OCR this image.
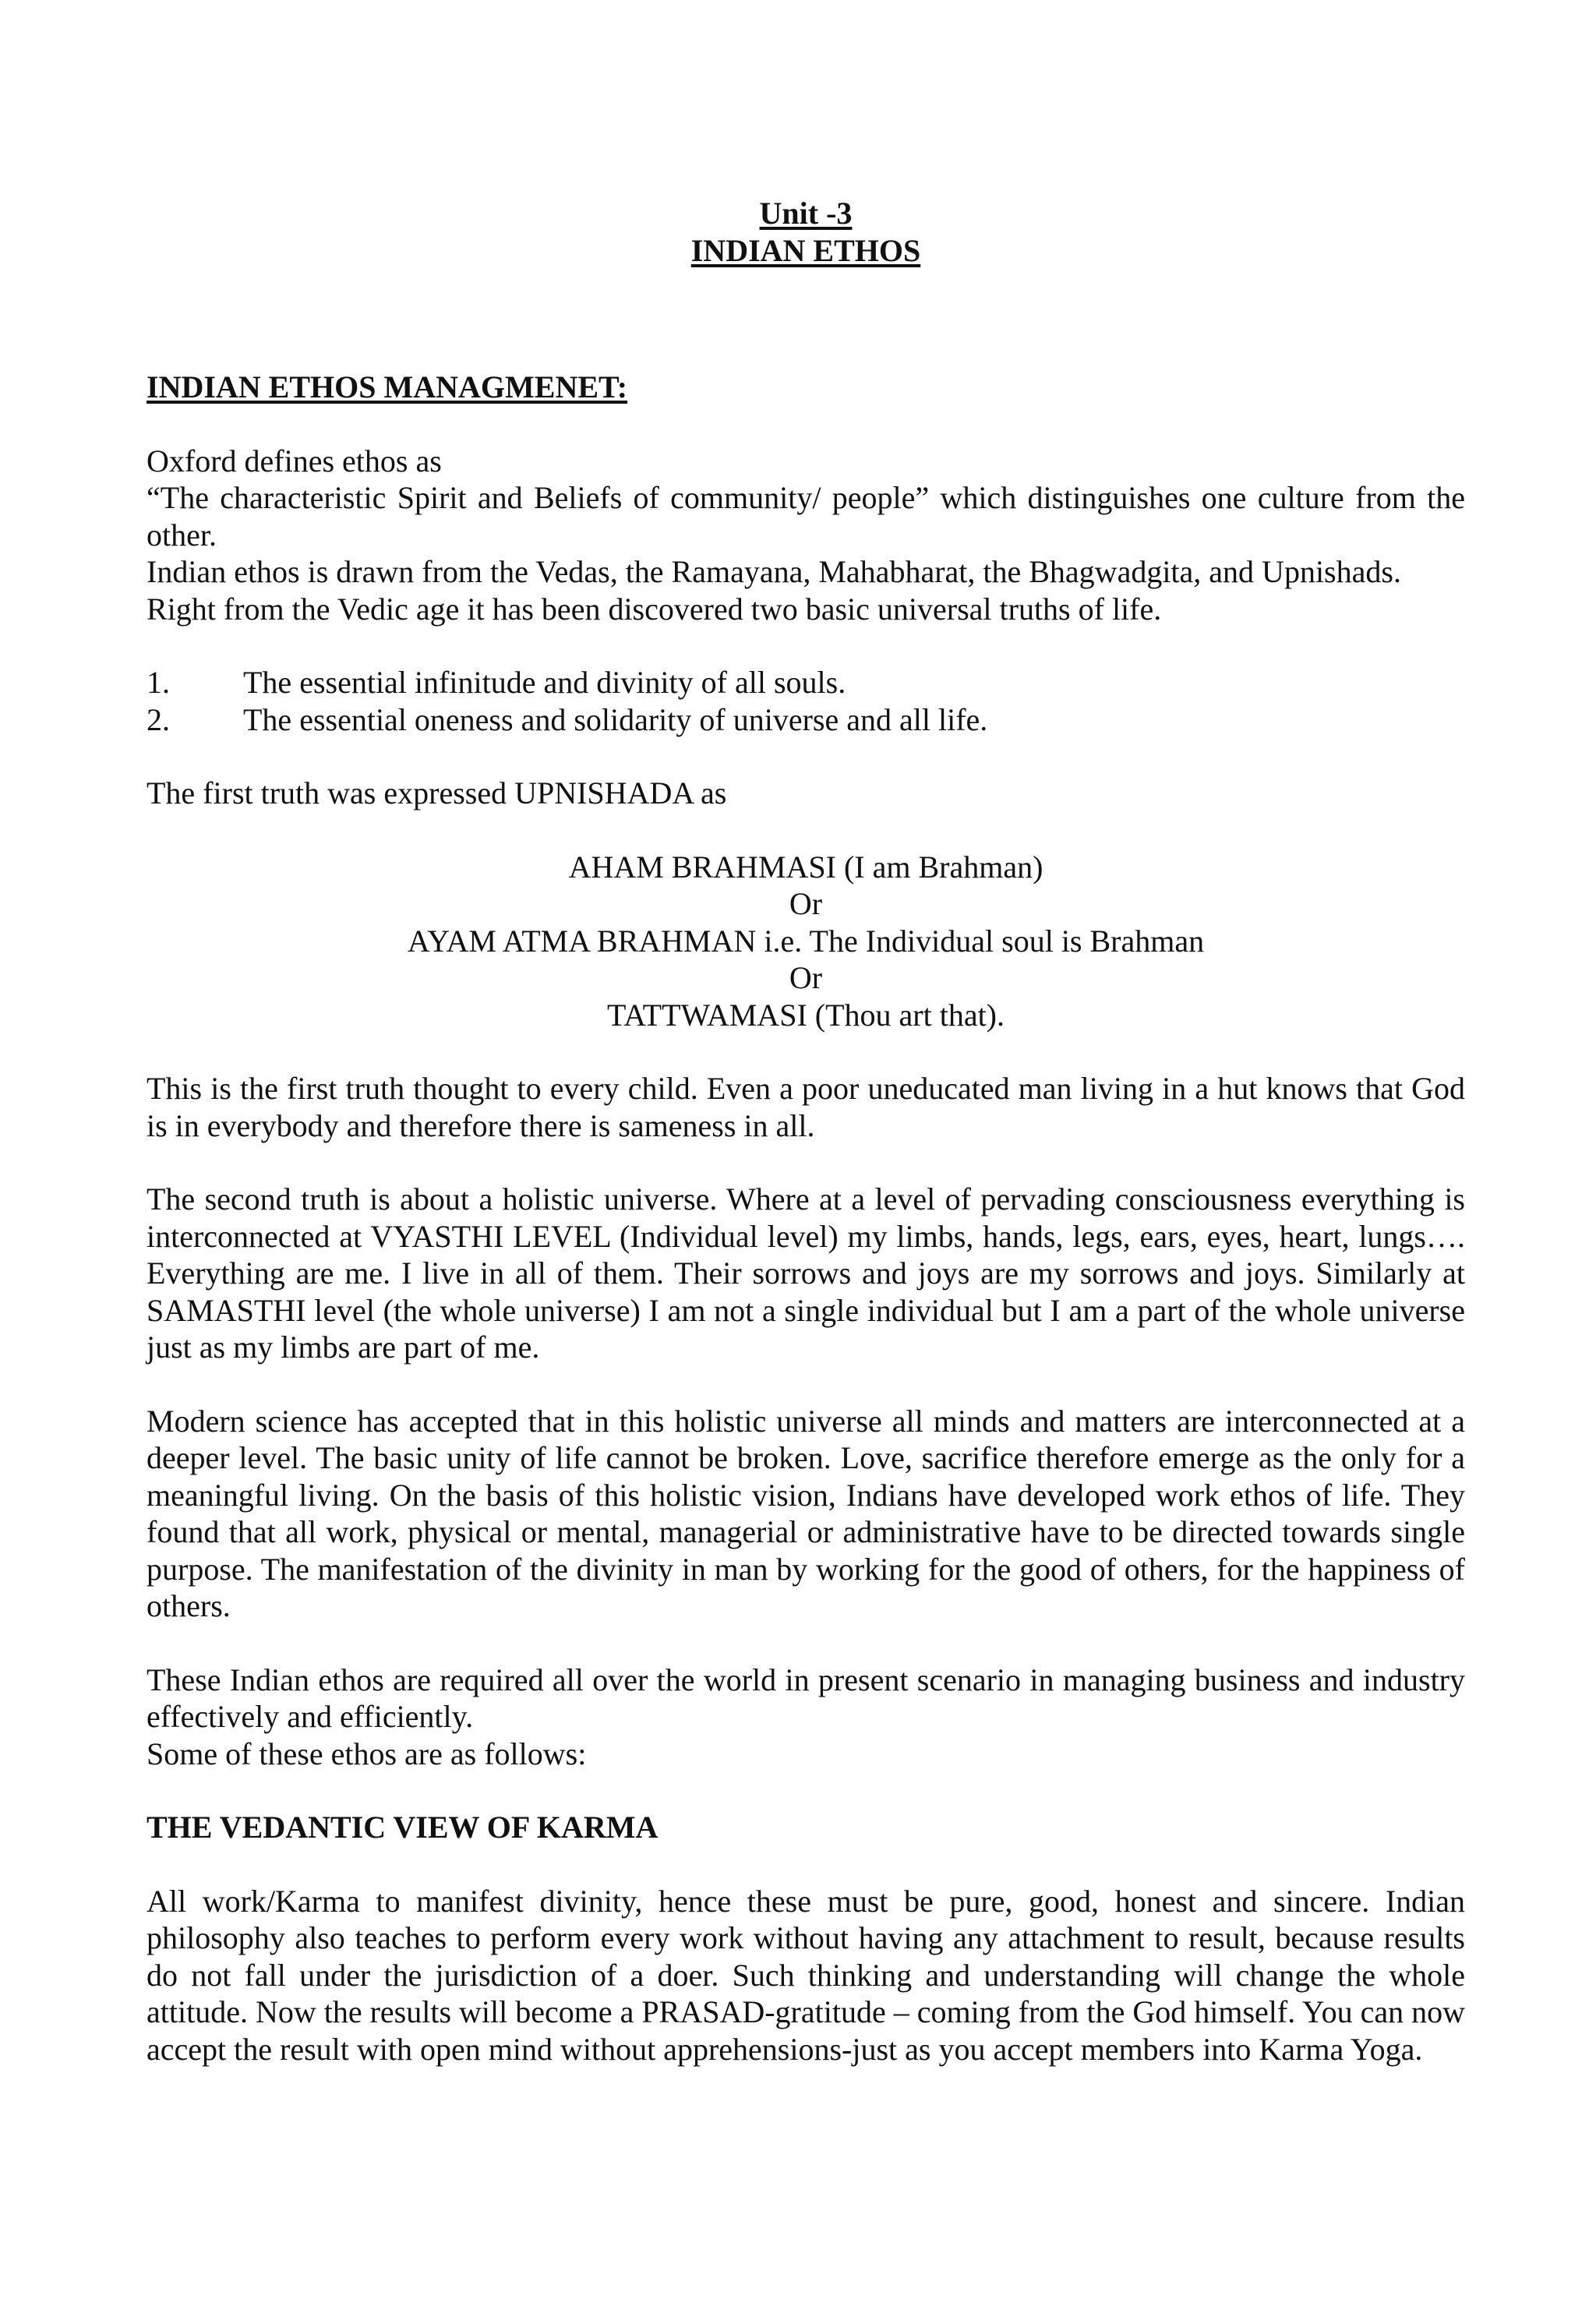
Unit -3
INDIAN ETHOS
INDIAN ETHOS MANAGMENET:

Oxford defines ethos as

“The characteristic Spirit and Beliefs of community/ people” which distinguishes one culture from the other.

Indian ethos is drawn from the Vedas, the Ramayana, Mahabharat, the Bhagwadgita, and Upnishads.

Right from the Vedic age it has been discovered two basic universal truths of life.

1.	The essential infinitude and divinity of all souls.
2.	The essential oneness and solidarity of universe and all life.

The first truth was expressed UPNISHADA as

AHAM BRAHMASI (I am Brahman)
Or
AYAM ATMA BRAHMAN i.e. The Individual soul is Brahman
Or
TATTWAMASI (Thou art that).

This is the first truth thought to every child. Even a poor uneducated man living in a hut knows that God is in everybody and therefore there is sameness in all.

The second truth is about a holistic universe. Where at a level of pervading consciousness everything is interconnected at VYASTHI LEVEL (Individual level) my limbs, hands, legs, ears, eyes, heart, lungs…. Everything are me. I live in all of them. Their sorrows and joys are my sorrows and joys. Similarly at SAMASTHI level (the whole universe) I am not a single individual but I am a part of the whole universe just as my limbs are part of me.

Modern science has accepted that in this holistic universe all minds and matters are interconnected at a deeper level. The basic unity of life cannot be broken. Love, sacrifice therefore emerge as the only for a meaningful living. On the basis of this holistic vision, Indians have developed work ethos of life. They found that all work, physical or mental, managerial or administrative have to be directed towards single purpose. The manifestation of the divinity in man by working for the good of others, for the happiness of others.

These Indian ethos are required all over the world in present scenario in managing business and industry effectively and efficiently.

Some of these ethos are as follows:

THE VEDANTIC VIEW OF KARMA

All work/Karma to manifest divinity, hence these must be pure, good, honest and sincere. Indian philosophy also teaches to perform every work without having any attachment to result, because results do not fall under the jurisdiction of a doer. Such thinking and understanding will change the whole attitude. Now the results will become a PRASAD-gratitude – coming from the God himself. You can now accept the result with open mind without apprehensions-just as you accept members into Karma Yoga.
